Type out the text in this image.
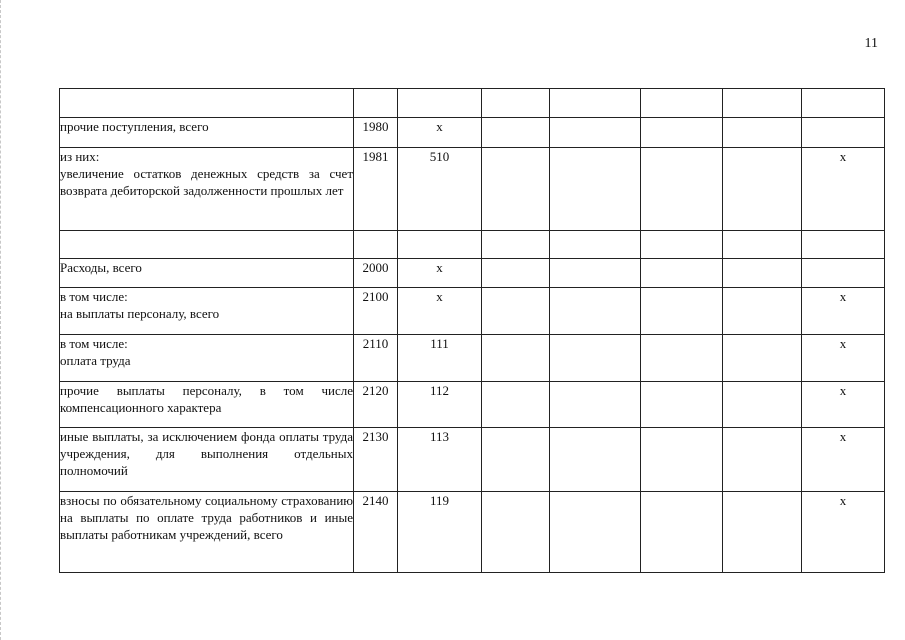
11

прочие поступления, всего	1980	х					

из них:
увеличение остатков денежных средств за счет возврата дебиторской задолженности прошлых лет	1981	510					х

Расходы, всего	2000	х					

в том числе:
на выплаты персоналу, всего	2100	х					х

в том числе:
оплата труда	2110	111					х

прочие выплаты персоналу, в том числе компенсационного характера	2120	112					х

иные выплаты, за исключением фонда оплаты труда учреждения, для выполнения отдельных полномочий	2130	113					х

взносы по обязательному социальному страхованию на выплаты по оплате труда работников и иные выплаты работникам учреждений, всего	2140	119					х
